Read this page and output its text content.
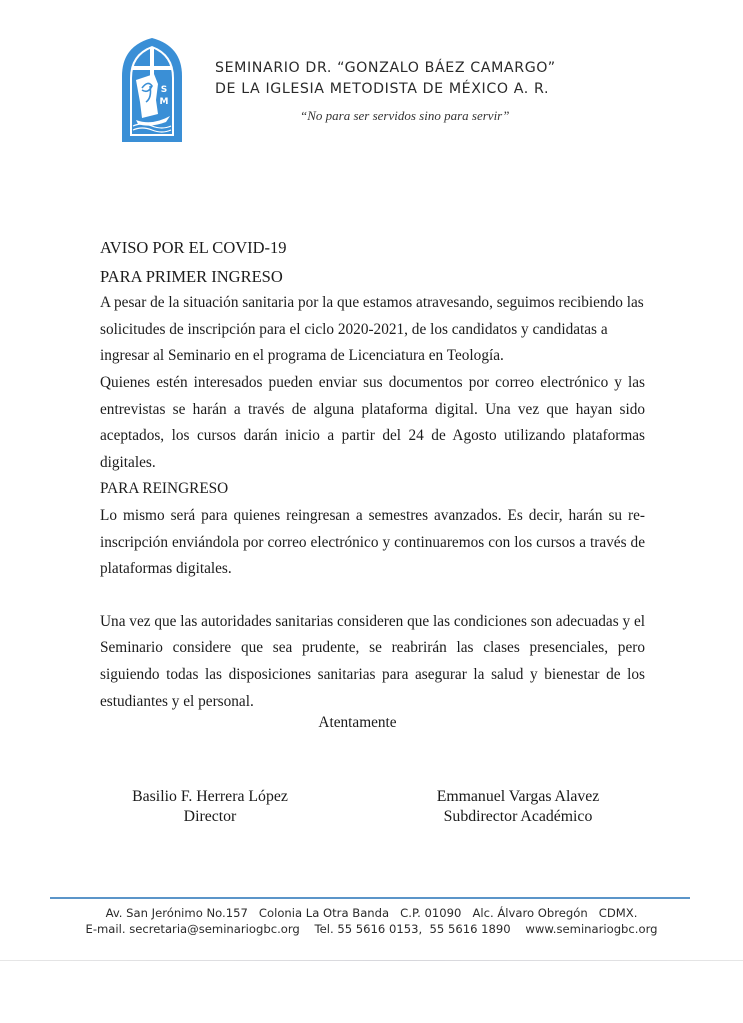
S
M
SEMINARIO DR. “GONZALO BÁEZ CAMARGO”
DE LA IGLESIA METODISTA DE MÉXICO A. R.
“No para ser servidos sino para servir”

AVISO POR EL COVID-19

PARA PRIMER INGRESO

A pesar de la situación sanitaria por la que estamos atravesando, seguimos recibiendo las solicitudes de inscripción para el ciclo 2020-2021, de los candidatos y candidatas a ingresar al Seminario en el programa de Licenciatura en Teología.

Quienes estén interesados pueden enviar sus documentos por correo electrónico y las entrevistas se harán a través de alguna plataforma digital. Una vez que hayan sido aceptados, los cursos darán inicio a partir del 24 de Agosto utilizando plataformas digitales.

PARA REINGRESO

Lo mismo será para quienes reingresan a semestres avanzados. Es decir, harán su re-inscripción enviándola por correo electrónico y continuaremos con los cursos a través de plataformas digitales.

Una vez que las autoridades sanitarias consideren que las condiciones son adecuadas y el Seminario considere que sea prudente, se reabrirán las clases presenciales, pero siguiendo todas las disposiciones sanitarias para asegurar la salud y bienestar de los estudiantes y el personal.

Atentamente
Basilio F. Herrera López
Director
Emmanuel Vargas Alavez
Subdirector Académico
Av. San Jerónimo No.157   Colonia La Otra Banda   C.P. 01090   Alc. Álvaro Obregón   CDMX.
E-mail. secretaria@seminariogbc.org    Tel. 55 5616 0153,  55 5616 1890    www.seminariogbc.org
